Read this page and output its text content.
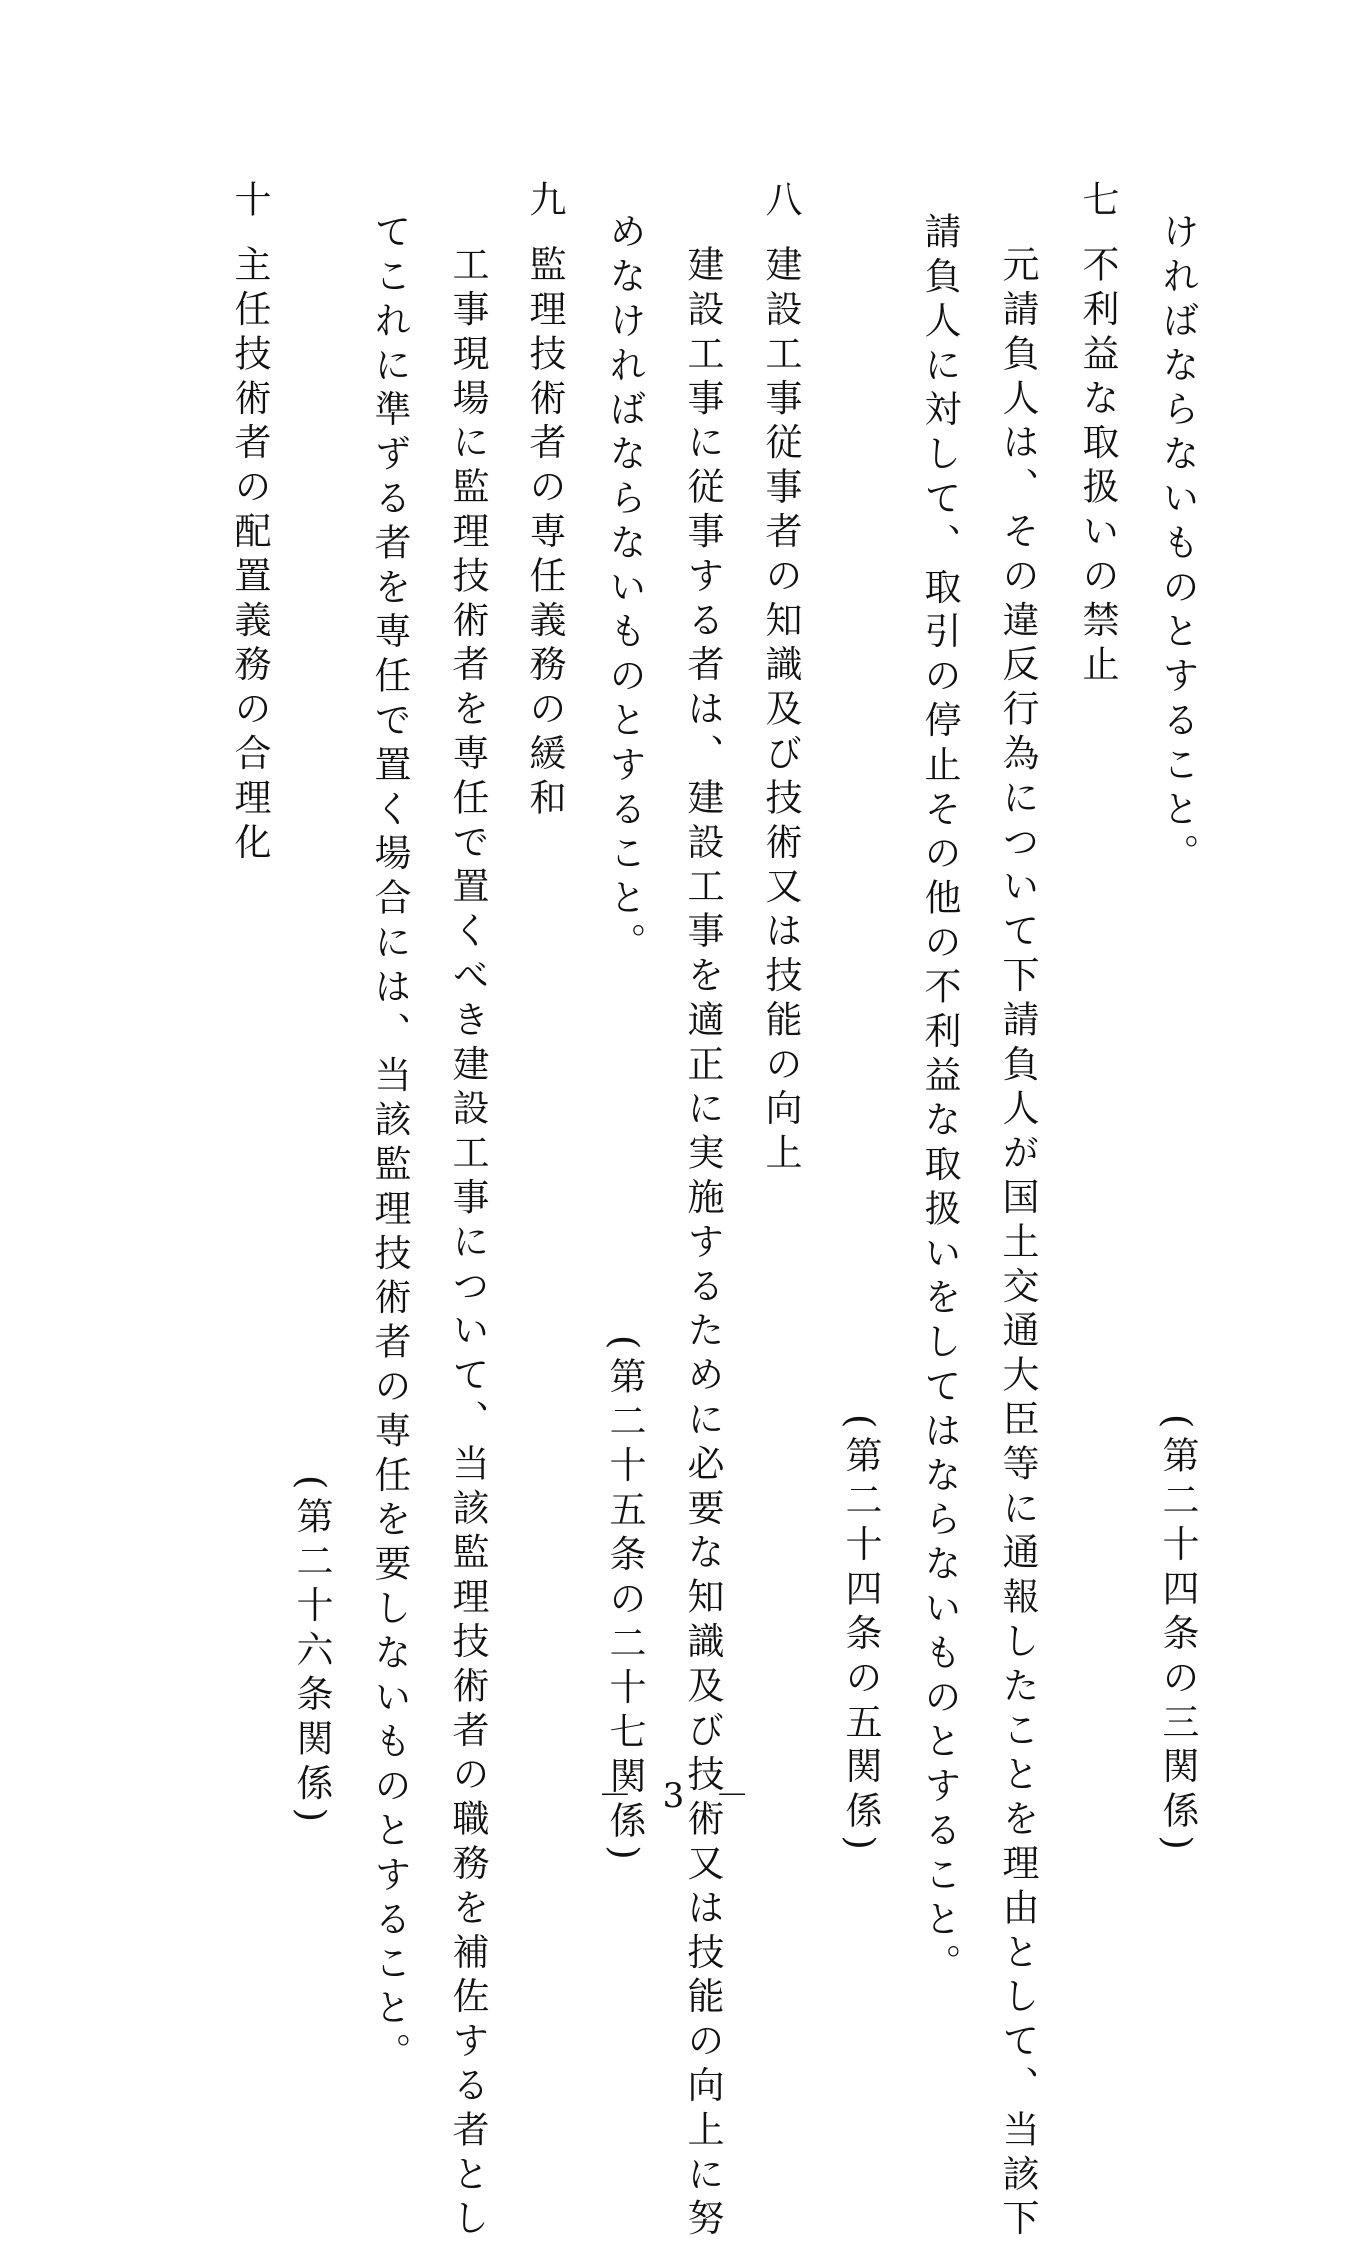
ければならないものとすること。
(第二十四条の三関係)
七
不利益な取扱いの禁止
元請負人は、その違反行為について下請負人が国土交通大臣等に通報したことを理由として、当該下
請負人に対して、取引の停止その他の不利益な取扱いをしてはならないものとすること。
(第二十四条の五関係)
八
建設工事従事者の知識及び技術又は技能の向上
建設工事に従事する者は、建設工事を適正に実施するために必要な知識及び技術又は技能の向上に努
めなければならないものとすること。
(第二十五条の二十七関係)
九
監理技術者の専任義務の緩和
工事現場に監理技術者を専任で置くべき建設工事について、当該監理技術者の職務を補佐する者とし
てこれに準ずる者を専任で置く場合には、当該監理技術者の専任を要しないものとすること。
(第二十六条関係)
十
主任技術者の配置義務の合理化
－ 3 －
